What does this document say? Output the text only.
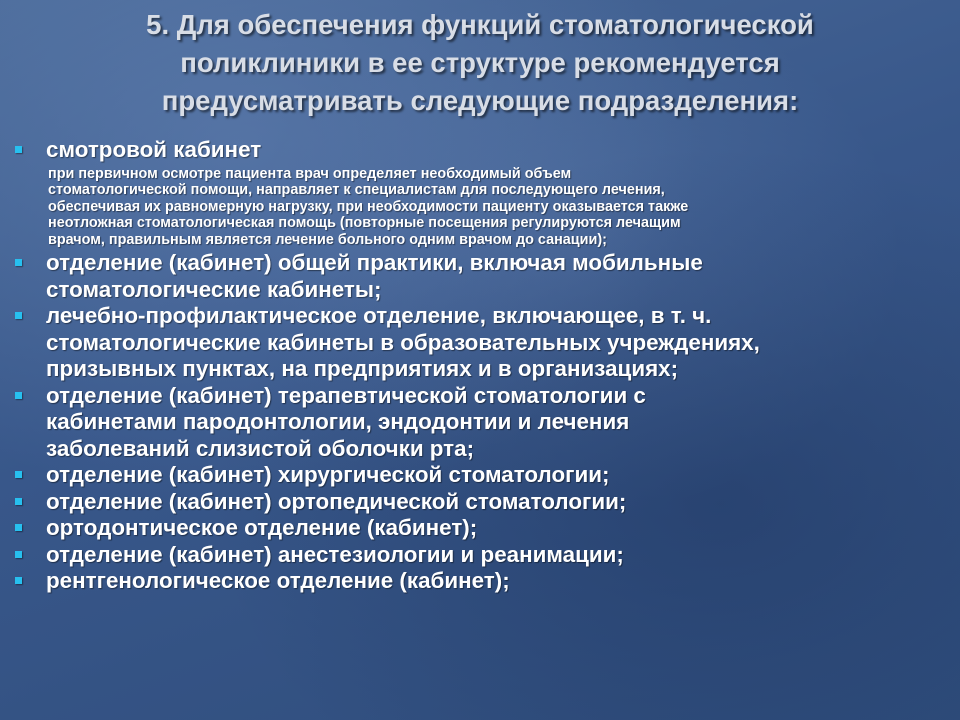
5. Для обеспечения функций стоматологической
поликлиники в ее структуре рекомендуется
предусматривать следующие подразделения:
смотровой кабинет
при первичном осмотре пациента врач определяет необходимый объем
стоматологической помощи, направляет к специалистам для последующего лечения,
обеспечивая их равномерную нагрузку, при необходимости пациенту оказывается также
неотложная стоматологическая помощь (повторные посещения регулируются лечащим
врачом, правильным является лечение больного одним врачом до санации);
отделение (кабинет) общей практики, включая мобильные
стоматологические кабинеты;
лечебно-профилактическое отделение, включающее, в т. ч.
стоматологические кабинеты в образовательных учреждениях,
призывных пунктах, на предприятиях и в организациях;
отделение (кабинет) терапевтической стоматологии с
кабинетами пародонтологии, эндодонтии и лечения
заболеваний слизистой оболочки рта;
отделение (кабинет) хирургической стоматологии;
отделение (кабинет) ортопедической стоматологии;
ортодонтическое отделение (кабинет);
отделение (кабинет) анестезиологии и реанимации;
рентгенологическое отделение (кабинет);
